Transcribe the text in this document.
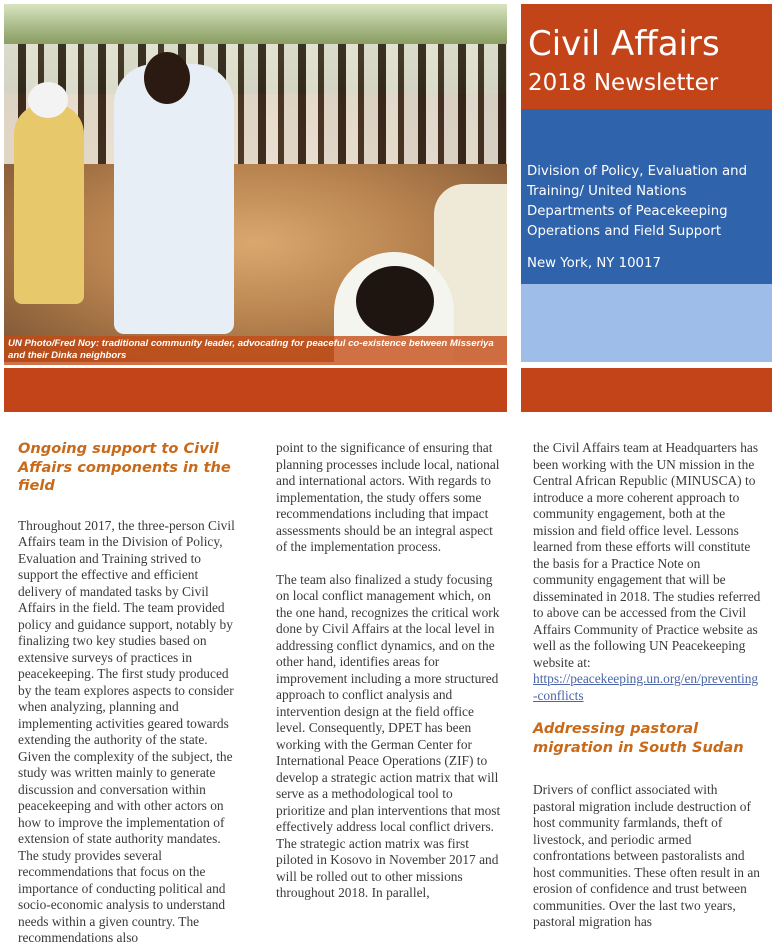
UN Photo/Fred Noy: traditional community leader, advocating for peaceful co-existence between Misseriya and their Dinka neighbors
Civil Affairs
2018 Newsletter
Division of Policy, Evaluation and Training/ United Nations Departments of Peacekeeping Operations and Field Support
New York, NY 10017

Ongoing support to Civil Affairs components in the field

Throughout 2017, the three-person Civil Affairs team in the Division of Policy, Evaluation and Training strived to support the effective and efficient delivery of mandated tasks by Civil Affairs in the field. The team provided policy and guidance support, notably by finalizing two key studies based on extensive surveys of practices in peacekeeping. The first study produced by the team explores aspects to consider when analyzing, planning and implementing activities geared towards extending the authority of the state. Given the complexity of the subject, the study was written mainly to generate discussion and conversation within peacekeeping and with other actors on how to improve the implementation of extension of state authority mandates. The study provides several recommendations that focus on the importance of conducting political and socio-economic analysis to understand needs within a given country. The recommendations also

point to the significance of ensuring that planning processes include local, national and international actors. With regards to implementation, the study offers some recommendations including that impact assessments should be an integral aspect of the implementation process.

The team also finalized a study focusing on local conflict management which, on the one hand, recognizes the critical work done by Civil Affairs at the local level in addressing conflict dynamics, and on the other hand, identifies areas for improvement including a more structured approach to conflict analysis and intervention design at the field office level. Consequently, DPET has been working with the German Center for International Peace Operations (ZIF) to develop a strategic action matrix that will serve as a methodological tool to prioritize and plan interventions that most effectively address local conflict drivers. The strategic action matrix was first piloted in Kosovo in November 2017 and will be rolled out to other missions throughout 2018. In parallel,

the Civil Affairs team at Headquarters has been working with the UN mission in the Central African Republic (MINUSCA) to introduce a more coherent approach to community engagement, both at the mission and field office level. Lessons learned from these efforts will constitute the basis for a Practice Note on community engagement that will be disseminated in 2018. The studies referred to above can be accessed from the Civil Affairs Community of Practice website as well as the following UN Peacekeeping website at:

https://peacekeeping.un.org/en/preventing-conflicts

Addressing pastoral migration in South Sudan

Drivers of conflict associated with pastoral migration include destruction of host community farmlands, theft of livestock, and periodic armed confrontations between pastoralists and host communities. These often result in an erosion of confidence and trust between communities. Over the last two years, pastoral migration has
